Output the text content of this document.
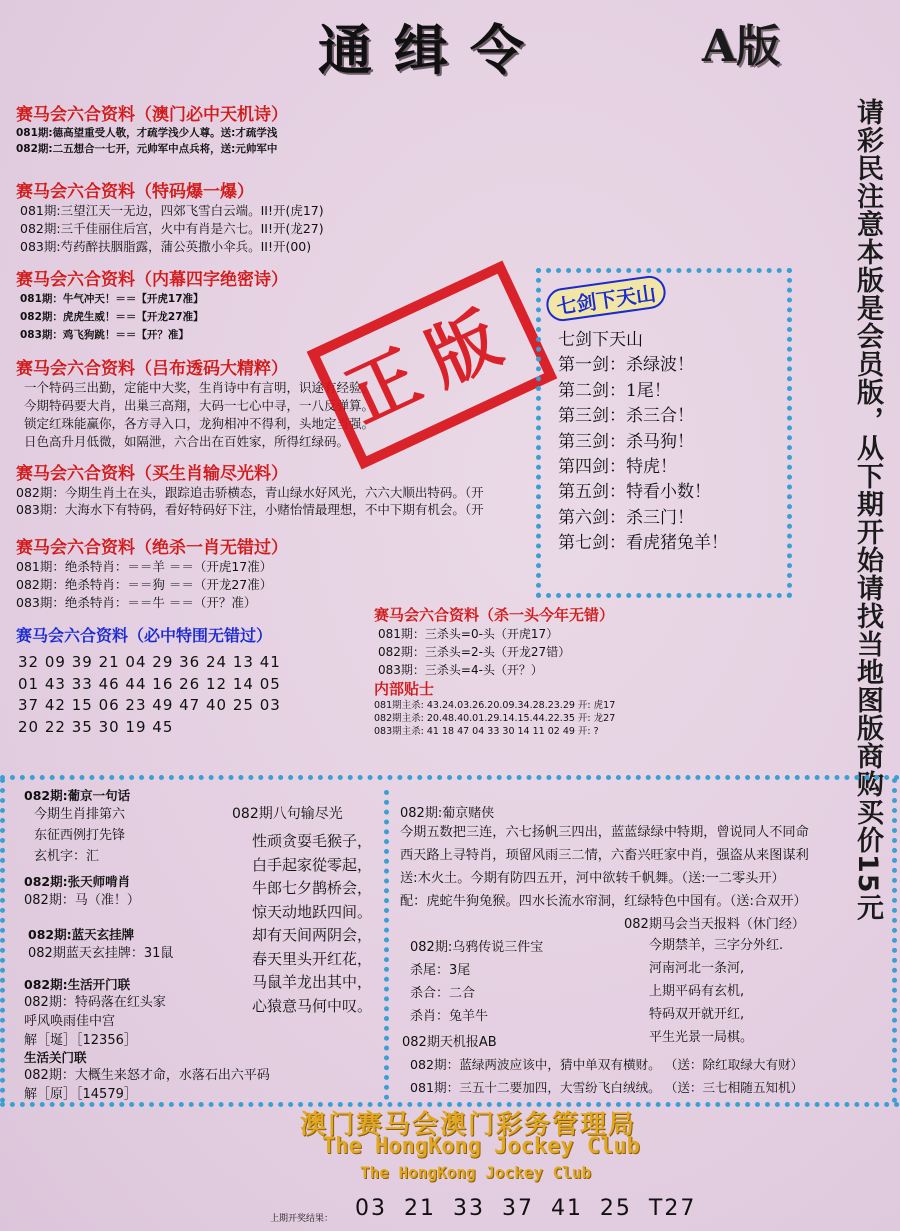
通缉令	A版
请彩民注意本版是会员版，从下期开始请找当地图版商购买价15元
赛马会六合资料（澳门必中天机诗）
081期:德高望重受人敬，才疏学浅少人尊。送:才疏学浅
082期:二五想合一七开，元帅军中点兵将，送:元帅军中
赛马会六合资料（特码爆一爆）
081期:三望江天一无边，四郊飞雪白云端。II!开(虎17)
082期:三千佳丽住后宫，火中有肖是六七。II!开(龙27)
083期:芍药醉扶胭脂露，蒲公英撒小伞兵。II!开(00)
赛马会六合资料（内幕四字绝密诗）
081期：牛气冲天！＝＝【开虎17准】
082期：虎虎生威！＝＝【开龙27准】
083期：鸡飞狗跳！＝＝【开？准】
赛马会六合资料（吕布透码大精粹）
一个特码三出勤，定能中大奖，生肖诗中有言明，识途有经验。
今期特码要大肖，出巢三高翔，大码一七心中寻，一八反弹算。
锁定红珠能赢你，各方寻入口，龙狗相冲不得利，头地定当强。
日色高升月低微，如隔泄，六合出在百姓家，所得红绿码。
正版
赛马会六合资料（买生肖输尽光料）
082期：今期生肖土在头，跟踪追击骄横态，青山绿水好风光，六六大顺出特码。（开
083期：大海水下有特码，看好特码好下注，小赌怡情最理想，不中下期有机会。（开
赛马会六合资料（绝杀一肖无错过）
081期：绝杀特肖：＝＝羊 ＝＝（开虎17准）
082期：绝杀特肖：＝＝狗 ＝＝（开龙27准）
083期：绝杀特肖：＝＝牛 ＝＝（开？准）
赛马会六合资料（必中特围无错过）
32 09 39 21 04 29 36 24 13 41
01 43 33 46 44 16 26 12 14 05
37 42 15 06 23 49 47 40 25 03
20 22 35 30 19 45
七剑下天山
七剑下天山
第一剑：杀绿波！
第二剑：1尾！
第三剑：杀三合！
第三剑：杀马狗！
第四剑：特虎！
第五剑：特看小数！
第六剑：杀三门！
第七剑：看虎猪兔羊！
赛马会六合资料（杀一头今年无错）
081期：三杀头=0-头（开虎17）
082期：三杀头=2-头（开龙27错）
083期：三杀头=4-头（开？）
内部贴士
081期主杀: 43.24.03.26.20.09.34.28.23.29 开: 虎17
082期主杀: 20.48.40.01.29.14.15.44.22.35 开: 龙27
083期主杀: 41 18 47 04 33 30 14 11 02 49 开: ?
082期:葡京一句话
今期生肖排第六
东征西例打先锋
玄机字：汇
082期:张天师啃肖
082期：马（准！）
082期:蓝天玄挂牌
082期蓝天玄挂牌：31鼠
082期:生活开门联
082期：特码落在红头家
呼风唤雨佳中宫
解［埏］［12356］
生活关门联
082期：大概生来怒才命，水落石出六平码
解［原］［14579］
082期八句输尽光
性顽贪耍毛猴子，
白手起家從零起，
牛郎七夕鹊桥会，
惊天动地跃四间。
却有天间两阴会，
春天里头开红花，
马鼠羊龙出其中，
心猿意马何中叹。
082期:葡京赌侠
今期五数把三连，六七扬帆三四出，蓝蓝绿绿中特期，曾说同人不同命
西天路上寻特肖，顼留风雨三二情，六畜兴旺家中肖，强盗从来图谋利
送:木火土。今期有防四五开，河中欲转千帆舞。（送:一二零头开）
配：虎蛇牛狗兔猴。四水长流水帘洞，红绿特色中国有。（送:合双开）
082期马会当天报料（休门经）
今期禁羊，三字分外红.
河南河北一条河,
上期平码有玄机,
特码双开就开红,
平生光景一局棋。
082期:乌鸦传说三件宝
杀尾：3尾
杀合：二合
杀肖：兔羊牛
082期天机报AB
082期：蓝绿两波应该中，猜中单双有横财。 （送：除红取绿大有财）
081期：三五十二要加四，大雪纷飞白绒绒。 （送：三七相随五知机）
澳门赛马会澳门彩务管理局
The HongKong Jockey Club
The HongKong Jockey Club
上期开奖结果： 03 21 33 37 41 25 T27
